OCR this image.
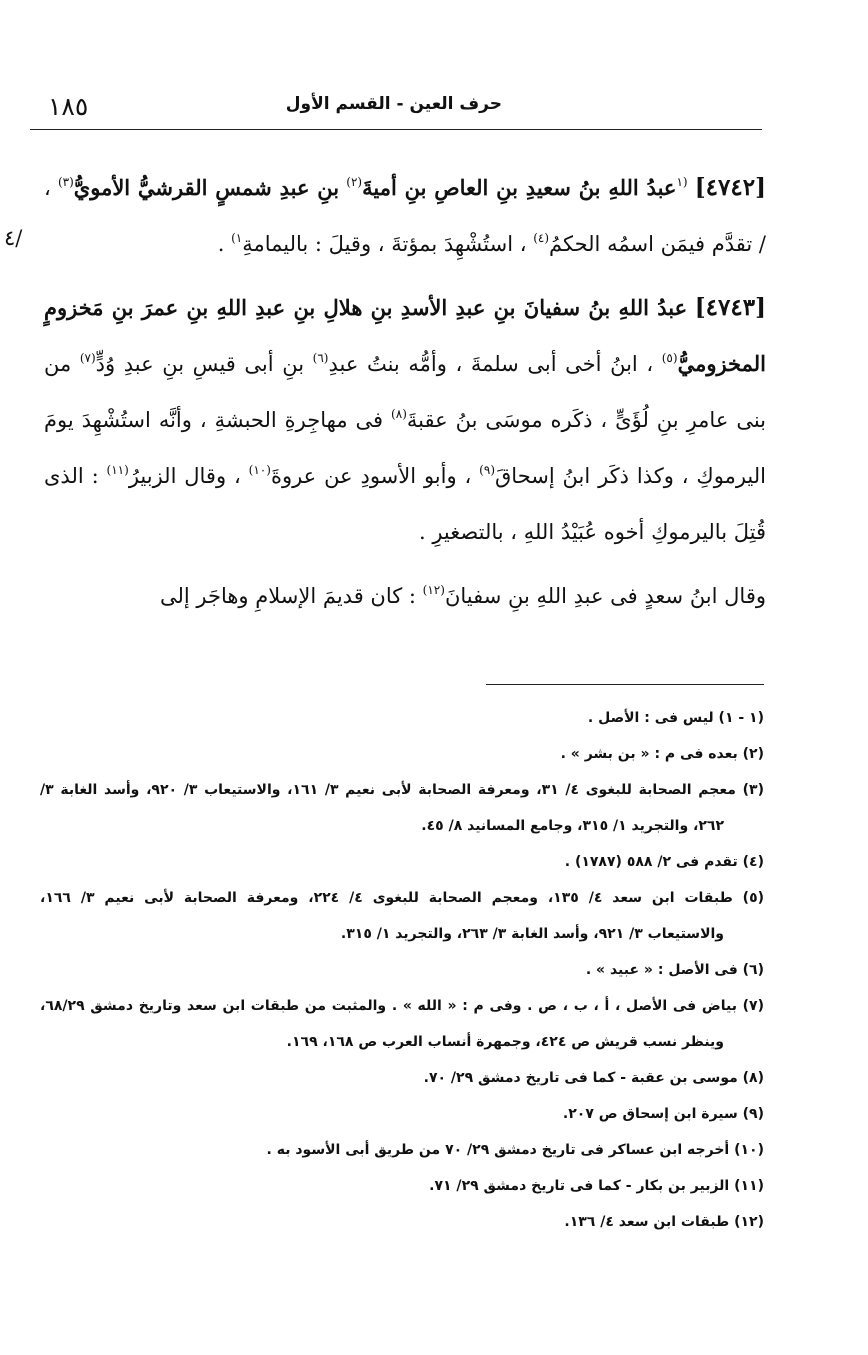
١٨٥	حرف العين - القسم الأول
٤/

[٤٧٤٢] $^{(١}$عبدُ اللهِ بنُ سعيدِ بنِ العاصِ بنِ أميةَ$^{(٢)}$ بنِ عبدِ شمسٍ القرشيُّ الأمويُّ$^{(٣)}$ ، / تقدَّم فيمَن اسمُه الحكمُ$^{(٤)}$ ، استُشْهِدَ بمؤتةَ ، وقيلَ : باليمامةِ$^{١)}$ .

[٤٧٤٣] عبدُ اللهِ بنُ سفيانَ بنِ عبدِ الأسدِ بنِ هلالِ بنِ عبدِ اللهِ بنِ عمرَ بنِ مَخزومٍ المخزوميُّ$^{(٥)}$ ، ابنُ أخى أبى سلمةَ ، وأمُّه بنتُ عبدِ$^{(٦)}$ بنِ أبى قيسِ بنِ عبدِ وُدٍّ$^{(٧)}$ من بنى عامرِ بنِ لُؤَىٍّ ، ذكَره موسَى بنُ عقبةَ$^{(٨)}$ فى مهاجِرةِ الحبشةِ ، وأنَّه استُشْهِدَ يومَ اليرموكِ ، وكذا ذكَر ابنُ إسحاقَ$^{(٩)}$ ، وأبو الأسودِ عن عروةَ$^{(١٠)}$ ، وقال الزبيرُ$^{(١١)}$ : الذى قُتِلَ باليرموكِ أخوه عُبَيْدُ اللهِ ، بالتصغيرِ .

وقال ابنُ سعدٍ فى عبدِ اللهِ بنِ سفيانَ$^{(١٢)}$ : كان قديمَ الإسلامِ وهاجَر إلى

(١ - ١) ليس فى : الأصل .

(٢) بعده فى م : « بن بشر » .

(٣) معجم الصحابة للبغوى ٤/ ٣١، ومعرفة الصحابة لأبى نعيم ٣/ ١٦١، والاستيعاب ٣/ ٩٢٠، وأسد الغابة ٣/ ٢٦٢، والتجريد ١/ ٣١٥، وجامع المسانيد ٨/ ٤٥.

(٤) تقدم فى ٢/ ٥٨٨ (١٧٨٧) .

(٥) طبقات ابن سعد ٤/ ١٣٥، ومعجم الصحابة للبغوى ٤/ ٢٢٤، ومعرفة الصحابة لأبى نعيم ٣/ ١٦٦، والاستيعاب ٣/ ٩٢١، وأسد الغابة ٣/ ٢٦٣، والتجريد ١/ ٣١٥.

(٦) فى الأصل : « عبيد » .

(٧) بياض فى الأصل ، أ ، ب ، ص . وفى م : « الله » . والمثبت من طبقات ابن سعد وتاريخ دمشق ٦٨/٢٩، وينظر نسب قريش ص ٤٢٤، وجمهرة أنساب العرب ص ١٦٨، ١٦٩.

(٨) موسى بن عقبة - كما فى تاريخ دمشق ٢٩/ ٧٠.

(٩) سيرة ابن إسحاق ص ٢٠٧.

(١٠) أخرجه ابن عساكر فى تاريخ دمشق ٢٩/ ٧٠ من طريق أبى الأسود به .

(١١) الزبير بن بكار - كما فى تاريخ دمشق ٢٩/ ٧١.

(١٢) طبقات ابن سعد ٤/ ١٣٦.
